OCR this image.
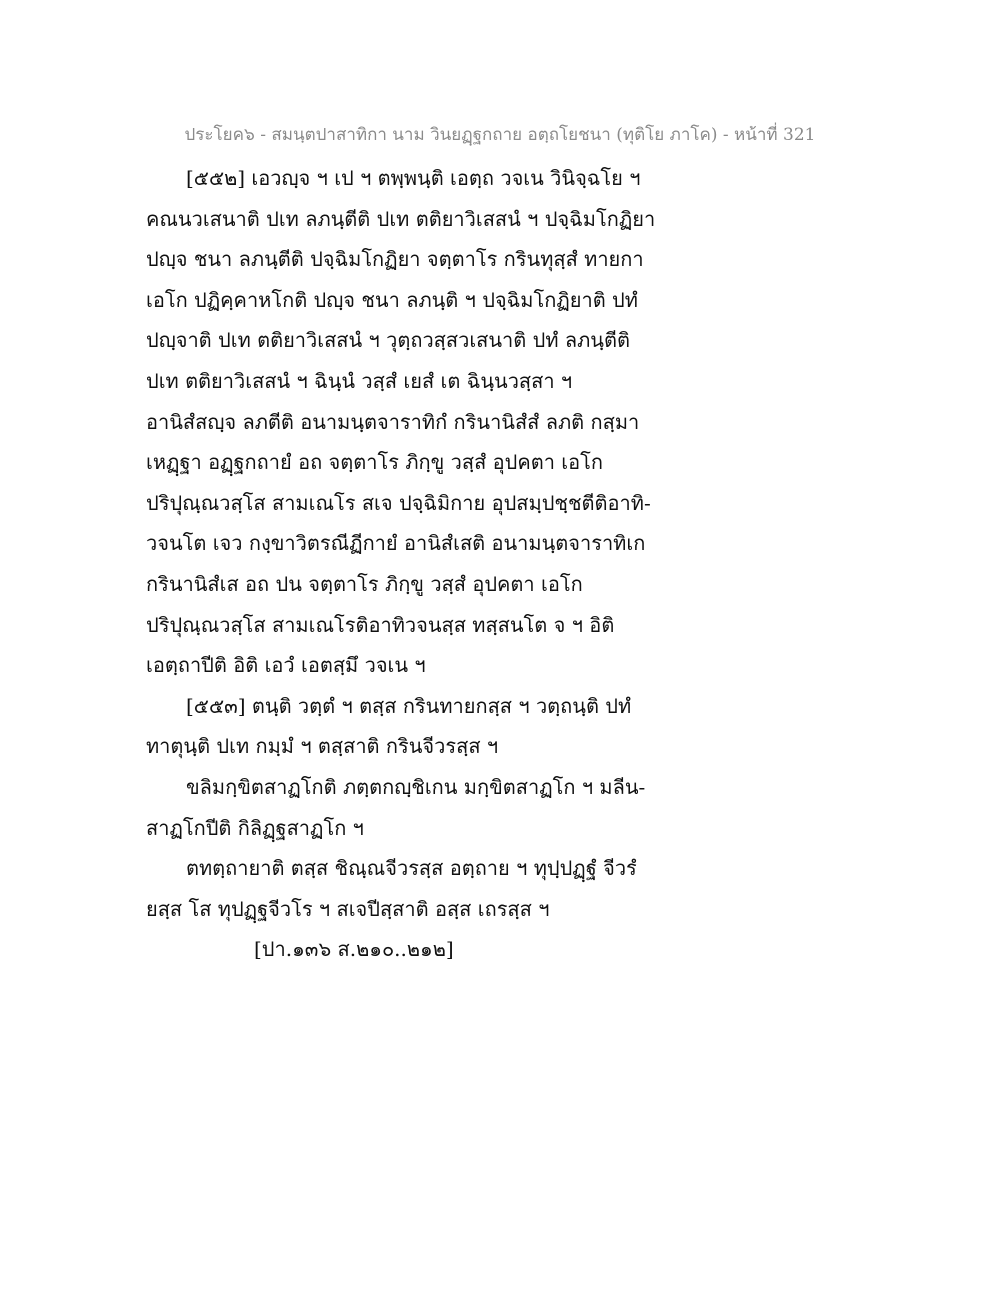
ประโยค๖ - สมนฺตปาสาทิกา นาม วินยฏฺฐกถาย อตฺถโยชนา (ทุติโย ภาโค) - หน้าที่ 321
[๕๕๒] เอวญฺจ ฯ เป ฯ ตพฺพนฺติ เอตฺถ วจเน วินิจฺฉโย ฯ
คณนวเสนาติ ปเท ลภนฺตีติ ปเท ตติยาวิเสสนํ ฯ ปจฺฉิมโกฏิยา
ปญฺจ ชนา ลภนฺตีติ ปจฺฉิมโกฏิยา จตฺตาโร กรินทุสฺสํ ทายกา
เอโก ปฏิคฺคาหโกติ ปญฺจ ชนา ลภนฺติ ฯ ปจฺฉิมโกฏิยาติ ปทํ
ปญฺจาติ ปเท ตติยาวิเสสนํ ฯ วุตฺถวสฺสวเสนาติ ปทํ ลภนฺตีติ
ปเท ตติยาวิเสสนํ ฯ ฉินฺนํ วสฺสํ เยสํ เต ฉินฺนวสฺสา ฯ
อานิสํสญฺจ ลภตีติ อนามนฺตจาราทิกํ กรินานิสํสํ ลภติ กสฺมา
เหฏฺฐา อฏฺฐกถายํ อถ จตฺตาโร ภิกฺขู วสฺสํ อุปคตา เอโก
ปริปุณฺณวสฺโส สามเณโร สเจ ปจฺฉิมิกาย อุปสมฺปชฺชตีติอาทิ-
วจนโต เจว กงฺขาวิตรณีฏีกายํ อานิสํเสติ อนามนฺตจาราทิเก
กรินานิสํเส อถ ปน จตฺตาโร ภิกฺขู วสฺสํ อุปคตา เอโก
ปริปุณฺณวสฺโส สามเณโรติอาทิวจนสฺส ทสฺสนโต จ ฯ อิติ
เอตฺถาปีติ อิติ เอวํ เอตสฺมึ วจเน ฯ
[๕๕๓] ตนฺติ วตฺตํ ฯ ตสฺส กรินทายกสฺส ฯ วตฺถนฺติ ปทํ
ทาตุนฺติ ปเท กมฺมํ ฯ ตสฺสาติ กรินจีวรสฺส ฯ
ขลิมกฺขิตสาฏโกติ ภตฺตกญฺชิเกน มกฺขิตสาฏโก ฯ มลีน-
สาฏโกปีติ กิลิฏฺฐสาฏโก ฯ
ตทตฺถายาติ ตสฺส ชิณฺณจีวรสฺส อตฺถาย ฯ ทุปฺปฏฺฐํ จีวรํ
ยสฺส โส ทุปฏฺฐจีวโร ฯ สเจปีสฺสาติ อสฺส เถรสฺส ฯ
[ปา.๑๓๖ ส.๒๑๐..๒๑๒]
